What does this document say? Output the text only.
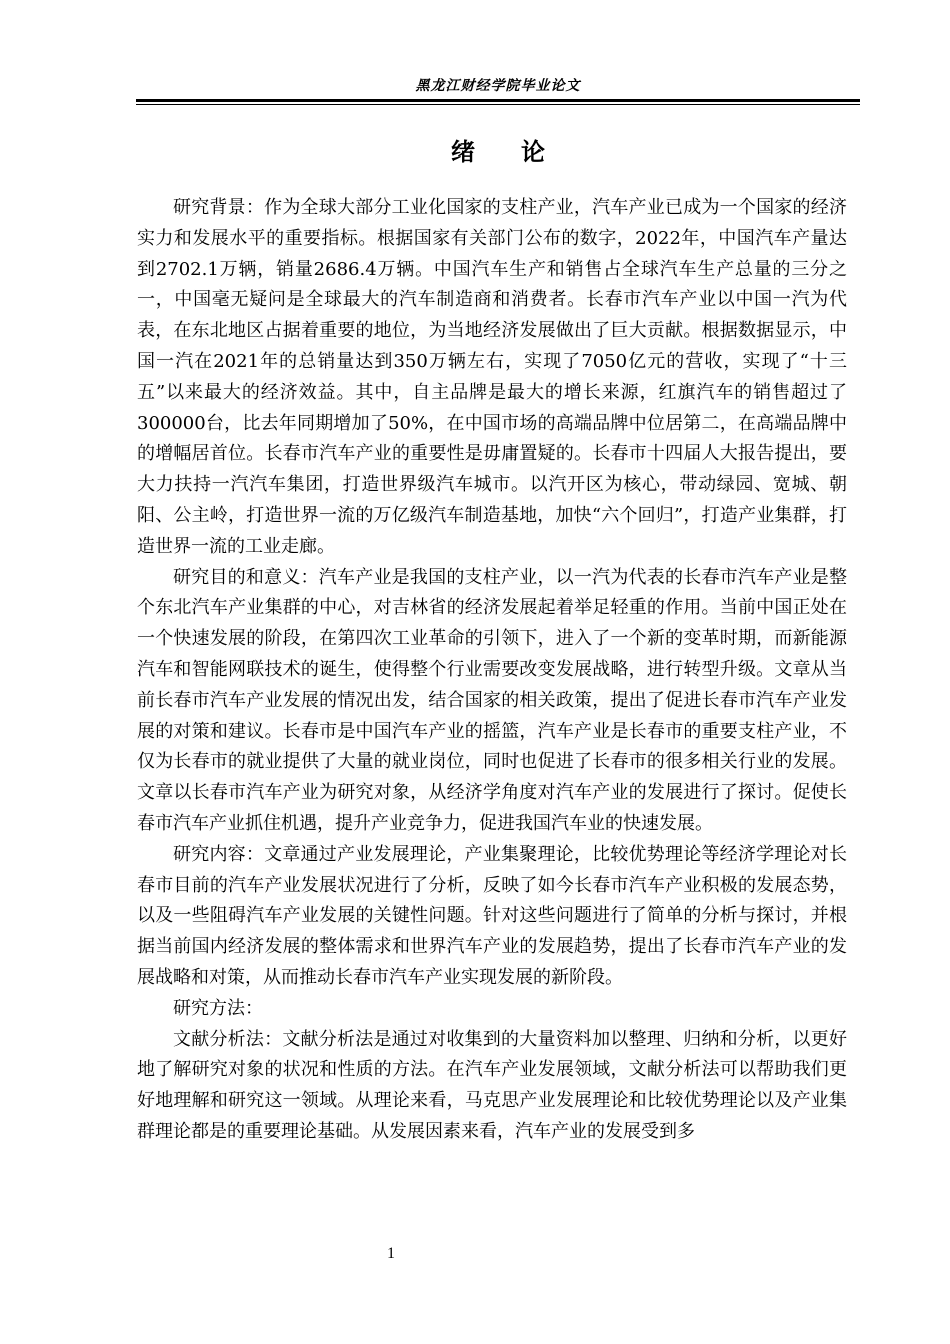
黑龙江财经学院毕业论文
绪 论

研究背景：作为全球大部分工业化国家的支柱产业，汽车产业已成为一个国家的经济实力和发展水平的重要指标。根据国家有关部门公布的数字，2022年，中国汽车产量达到2702.1万辆，销量2686.4万辆。中国汽车生产和销售占全球汽车生产总量的三分之一，中国毫无疑问是全球最大的汽车制造商和消费者。长春市汽车产业以中国一汽为代表，在东北地区占据着重要的地位，为当地经济发展做出了巨大贡献。根据数据显示，中国一汽在2021年的总销量达到350万辆左右，实现了7050亿元的营收，实现了“十三五”以来最大的经济效益。其中，自主品牌是最大的增长来源，红旗汽车的销售超过了300000台，比去年同期增加了50%，在中国市场的高端品牌中位居第二，在高端品牌中的增幅居首位。长春市汽车产业的重要性是毋庸置疑的。长春市十四届人大报告提出，要大力扶持一汽汽车集团，打造世界级汽车城市。以汽开区为核心，带动绿园、宽城、朝阳、公主岭，打造世界一流的万亿级汽车制造基地，加快“六个回归”，打造产业集群，打造世界一流的工业走廊。

研究目的和意义：汽车产业是我国的支柱产业，以一汽为代表的长春市汽车产业是整个东北汽车产业集群的中心，对吉林省的经济发展起着举足轻重的作用。当前中国正处在一个快速发展的阶段，在第四次工业革命的引领下，进入了一个新的变革时期，而新能源汽车和智能网联技术的诞生，使得整个行业需要改变发展战略，进行转型升级。文章从当前长春市汽车产业发展的情况出发，结合国家的相关政策，提出了促进长春市汽车产业发展的对策和建议。长春市是中国汽车产业的摇篮，汽车产业是长春市的重要支柱产业，不仅为长春市的就业提供了大量的就业岗位，同时也促进了长春市的很多相关行业的发展。文章以长春市汽车产业为研究对象，从经济学角度对汽车产业的发展进行了探讨。促使长春市汽车产业抓住机遇，提升产业竞争力，促进我国汽车业的快速发展。

研究内容：文章通过产业发展理论，产业集聚理论，比较优势理论等经济学理论对长春市目前的汽车产业发展状况进行了分析，反映了如今长春市汽车产业积极的发展态势，以及一些阻碍汽车产业发展的关键性问题。针对这些问题进行了简单的分析与探讨，并根据当前国内经济发展的整体需求和世界汽车产业的发展趋势，提出了长春市汽车产业的发展战略和对策，从而推动长春市汽车产业实现发展的新阶段。

研究方法：

文献分析法：文献分析法是通过对收集到的大量资料加以整理、归纳和分析，以更好地了解研究对象的状况和性质的方法。在汽车产业发展领域，文献分析法可以帮助我们更好地理解和研究这一领域。从理论来看，马克思产业发展理论和比较优势理论以及产业集群理论都是的重要理论基础。从发展因素来看，汽车产业的发展受到多

1
